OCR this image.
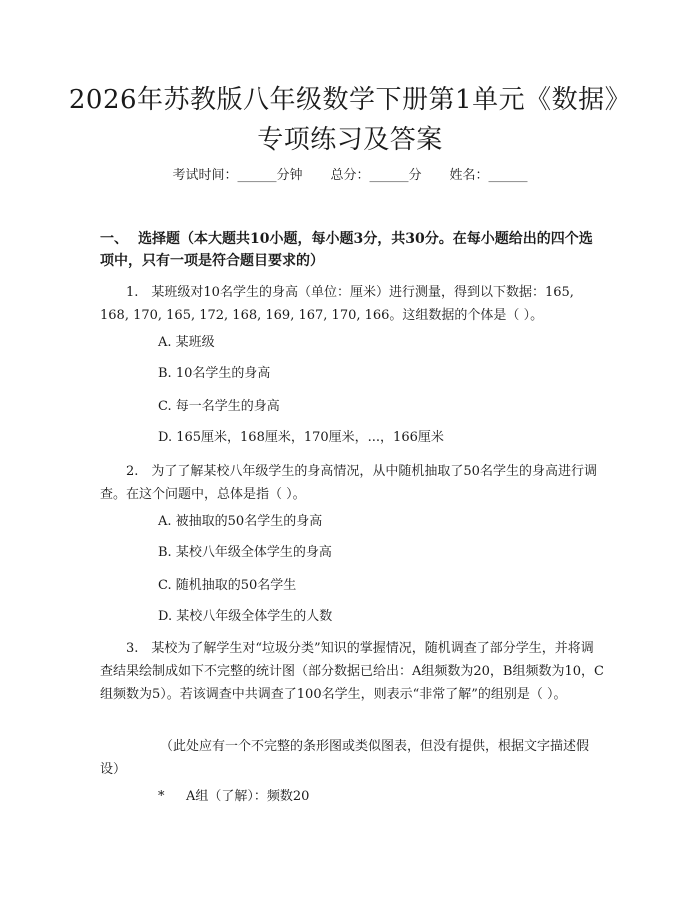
2026年苏教版八年级数学下册第1单元《数据》专项练习及答案
考试时间：______分钟 总分：______分 姓名：______
一、 选择题（本大题共10小题，每小题3分，共30分。在每小题给出的四个选项中，只有一项是符合题目要求的）
1.　某班级对10名学生的身高（单位：厘米）进行测量，得到以下数据：165, 168, 170, 165, 172, 168, 169, 167, 170, 166。这组数据的个体是（ ）。
A. 某班级
B. 10名学生的身高
C. 每一名学生的身高
D. 165厘米，168厘米，170厘米，...，166厘米
2.　为了了解某校八年级学生的身高情况，从中随机抽取了50名学生的身高进行调查。在这个问题中，总体是指（ ）。
A. 被抽取的50名学生的身高
B. 某校八年级全体学生的身高
C. 随机抽取的50名学生
D. 某校八年级全体学生的人数
3.　某校为了解学生对“垃圾分类”知识的掌握情况，随机调查了部分学生，并将调查结果绘制成如下不完整的统计图（部分数据已给出：A组频数为20，B组频数为10，C组频数为5）。若该调查中共调查了100名学生，则表示“非常了解”的组别是（ ）。
（此处应有一个不完整的条形图或类似图表，但没有提供，根据文字描述假设）
* A组（了解）：频数20
